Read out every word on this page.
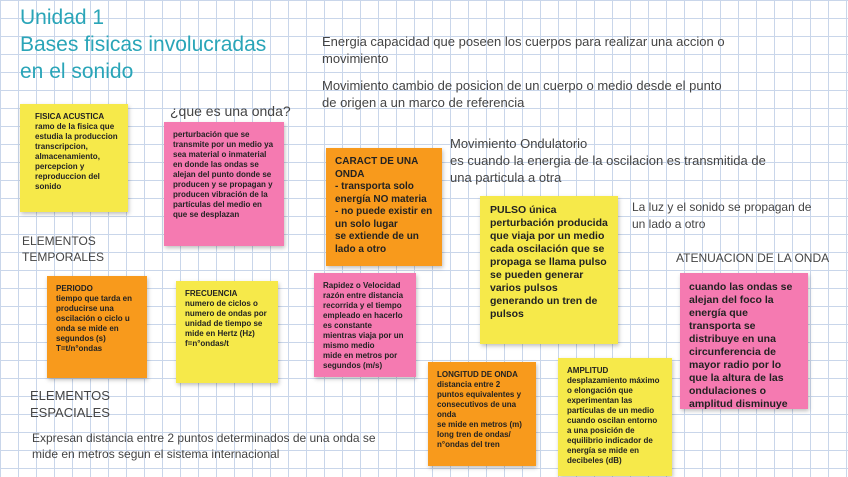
Unidad 1
Bases fisicas involucradas
en el sonido
Energia capacidad que poseen los cuerpos para realizar una accion o movimiento
Movimiento cambio de posicion de un cuerpo o medio desde el punto de origen a un marco de referencia
¿que es una onda?
Movimiento Ondulatorio
es cuando la energia de la oscilacion es transmitida de una particula a otra
La luz y el sonido se propagan de un lado a otro
ATENUACION DE LA ONDA
ELEMENTOS
TEMPORALES
ELEMENTOS
ESPACIALES
Expresan distancia entre 2 puntos determinados de una onda se mide en metros segun el sistema internacional
FISICA ACUSTICA
ramo de la fisica que estudia la produccion transcripcion, almacenamiento, percepcion y reproduccion del sonido
perturbación que se transmite por un medio ya sea material o inmaterial en donde las ondas se alejan del punto donde se producen y se propagan y producen vibración de la partículas del medio en que se desplazan
CARACT DE UNA ONDA
- transporta solo energía NO materia
- no puede existir en un solo lugar
se extiende de un lado a otro
PULSO única perturbación producida que viaja por un medio
cada oscilación que se propaga se llama pulso
se pueden generar varios pulsos generando un tren de pulsos
cuando las ondas se alejan del foco la energía que transporta se distribuye en una circunferencia de mayor radio por lo que la altura de las ondulaciones o amplitud disminuye
PERIODO
tiempo que tarda en producirse una oscilación o ciclo u onda se mide en segundos (s)
T=t/n°ondas
FRECUENCIA
numero de ciclos o numero de ondas por unidad de tiempo se mide en Hertz (Hz)
f=n°ondas/t
Rapidez o Velocidad razón entre distancia recorrida y el tiempo empleado en hacerlo es constante mientras viaja por un mismo medio
mide en metros por segundos (m/s)
LONGITUD DE ONDA
distancia entre 2 puntos equivalentes y consecutivos de una onda
se mide en metros (m)
long tren de ondas/ n°ondas del tren
AMPLITUD
desplazamiento máximo o elongación que experimentan las partículas de un medio cuando oscilan entorno a una posición de equilibrio indicador de energía se mide en decibeles (dB)
